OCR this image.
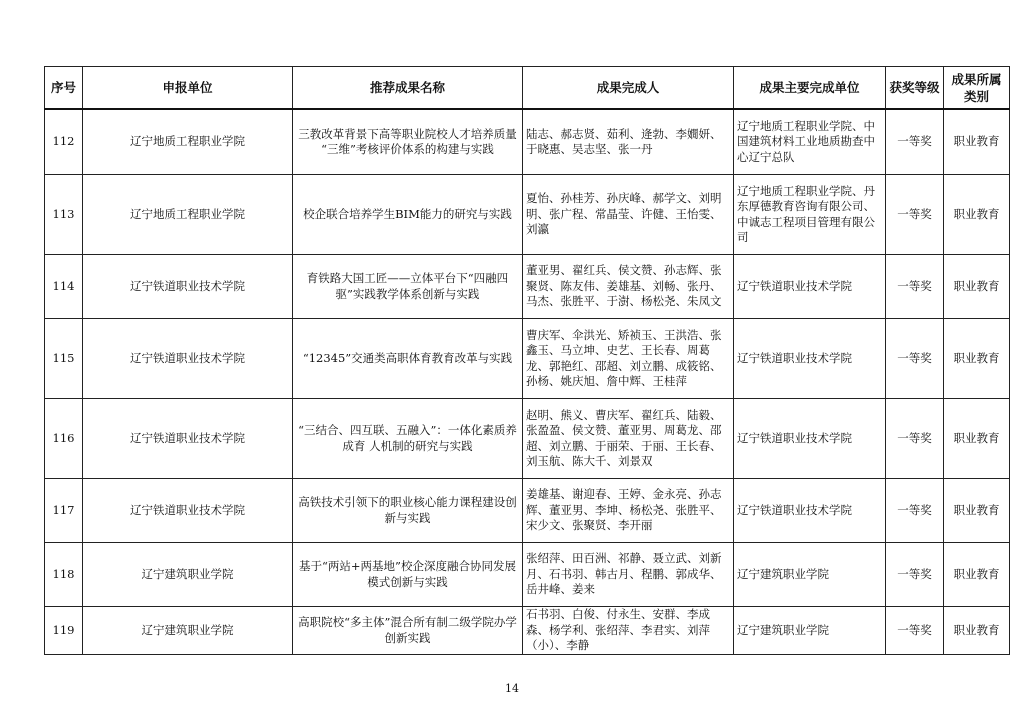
序号	申报单位	推荐成果名称	成果完成人	成果主要完成单位	获奖等级	成果所属
类别
112	辽宁地质工程职业学院	三教改革背景下高等职业院校人才培养质量 “三维”考核评价体系的构建与实践	陆志、郝志贤、茹利、逄勃、李嫺妍、于晓惠、吴志坚、张一丹	辽宁地质工程职业学院、中国建筑材料工业地质勘查中心辽宁总队	一等奖	职业教育
113	辽宁地质工程职业学院	校企联合培养学生BIM能力的研究与实践	夏怡、孙桂芳、孙庆峰、郝学文、刘明明、张广程、常晶莹、许健、王怡雯、刘瀛	辽宁地质工程职业学院、丹东厚德教育咨询有限公司、中诚志工程项目管理有限公司	一等奖	职业教育
114	辽宁铁道职业技术学院	育铁路大国工匠——立体平台下“四融四驱”实践教学体系创新与实践	董亚男、翟红兵、侯文赞、孙志辉、张聚贤、陈友伟、姜雄基、刘畅、张丹、马杰、张胜平、于澍、杨松尧、朱凤文	辽宁铁道职业技术学院	一等奖	职业教育
115	辽宁铁道职业技术学院	“12345”交通类高职体育教育改革与实践	曹庆军、伞洪光、矫祯玉、王洪浩、张鑫玉、马立坤、史艺、王长春、周葛龙、郭艳红、邵超、刘立鹏、成筱铭、孙杨、姚庆旭、詹中辉、王桂萍	辽宁铁道职业技术学院	一等奖	职业教育
116	辽宁铁道职业技术学院	“三结合、四互联、五融入”：一体化素质养成育 人机制的研究与实践	赵明、熊义、曹庆军、翟红兵、陆毅、张盈盈、侯文赞、董亚男、周葛龙、邵超、刘立鹏、于丽荣、于丽、王长春、刘玉航、陈大千、刘景双	辽宁铁道职业技术学院	一等奖	职业教育
117	辽宁铁道职业技术学院	高铁技术引领下的职业核心能力课程建设创新与实践	姜雄基、谢迎春、王婷、金永亮、孙志辉、董亚男、李坤、杨松尧、张胜平、宋少文、张聚贤、李开丽	辽宁铁道职业技术学院	一等奖	职业教育
118	辽宁建筑职业学院	基于“两站+两基地”校企深度融合协同发展模式创新与实践	张绍萍、田百洲、祁静、聂立武、刘新月、石书羽、韩古月、程鹏、郭成华、岳井峰、姜来	辽宁建筑职业学院	一等奖	职业教育
119	辽宁建筑职业学院	高职院校“多主体”混合所有制二级学院办学创新实践	石书羽、白俊、付永生、安群、李成森、杨学利、张绍萍、李君实、刘萍（小）、李静	辽宁建筑职业学院	一等奖	职业教育
14
